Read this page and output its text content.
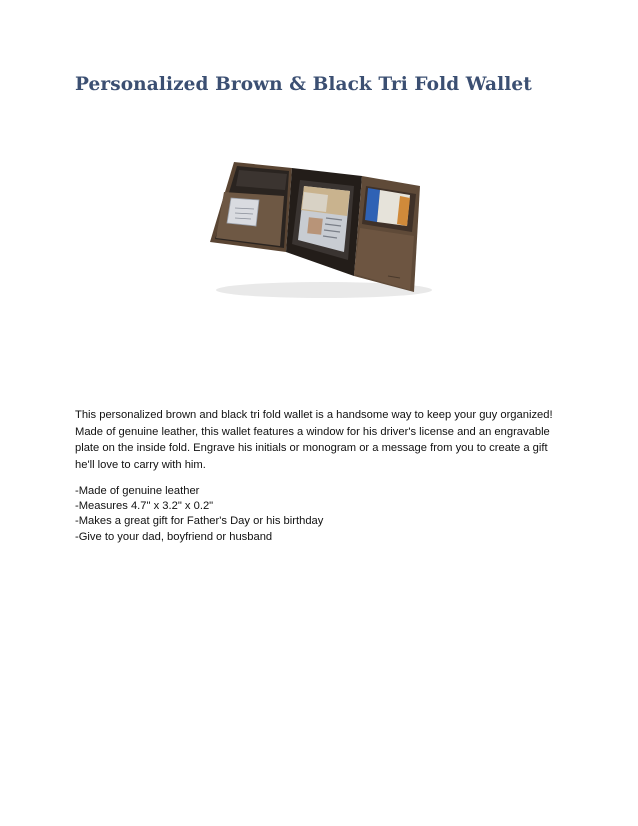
Personalized Brown & Black Tri Fold Wallet

This personalized brown and black tri fold wallet is a handsome way to keep your guy organized! Made of genuine leather, this wallet features a window for his driver's license and an engravable plate on the inside fold. Engrave his initials or monogram or a message from you to create a gift he'll love to carry with him.

-Made of genuine leather
-Measures 4.7" x 3.2" x 0.2"
-Makes a great gift for Father's Day or his birthday
-Give to your dad, boyfriend or husband
